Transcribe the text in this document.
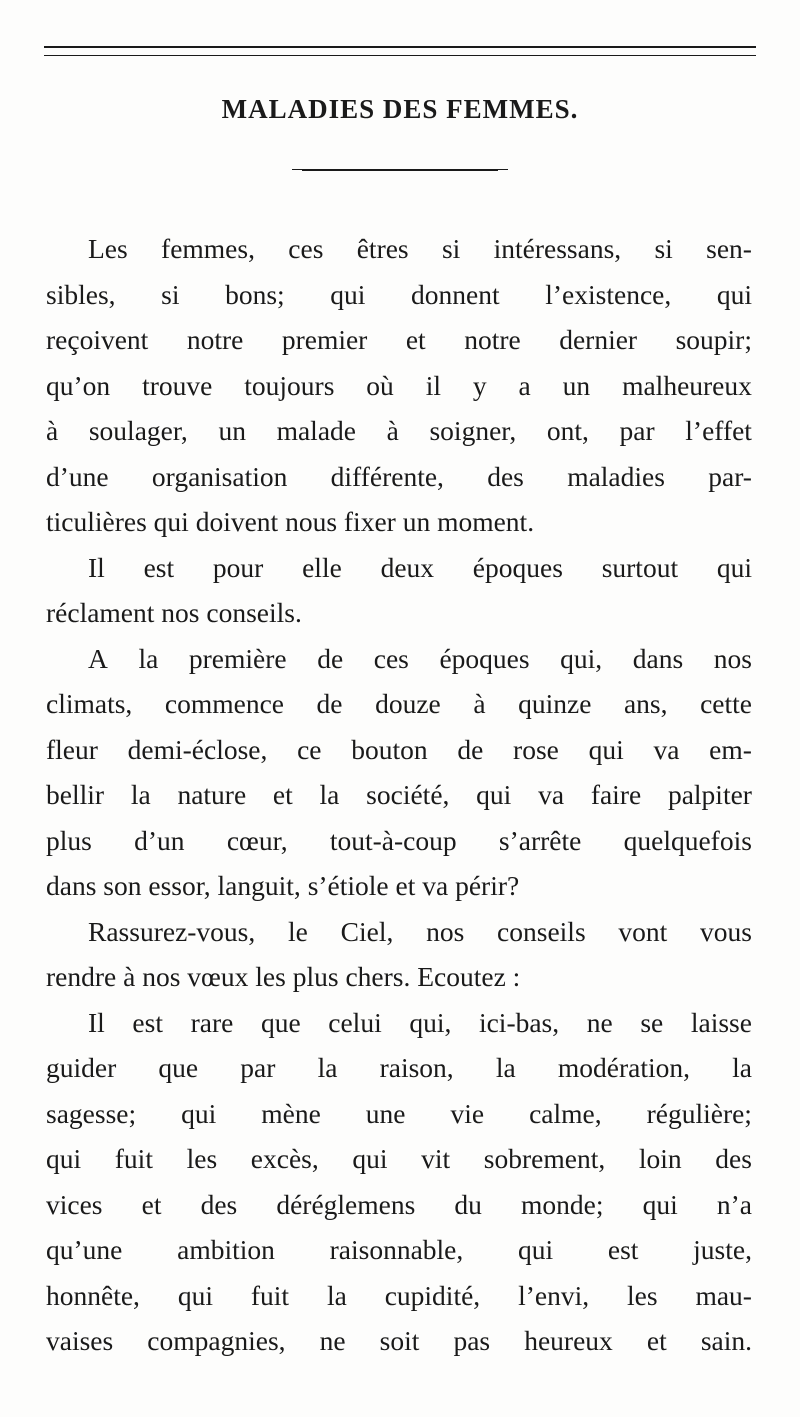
MALADIES DES FEMMES.
Les femmes, ces êtres si intéressans, si sen-
sibles, si bons; qui donnent l’existence, qui
reçoivent notre premier et notre dernier soupir;
qu’on trouve toujours où il y a un malheureux
à soulager, un malade à soigner, ont, par l’effet
d’une organisation différente, des maladies par-
ticulières qui doivent nous fixer un moment.
Il est pour elle deux époques surtout qui
réclament nos conseils.
A la première de ces époques qui, dans nos
climats, commence de douze à quinze ans, cette
fleur demi-éclose, ce bouton de rose qui va em-
bellir la nature et la société, qui va faire palpiter
plus d’un cœur, tout-à-coup s’arrête quelquefois
dans son essor, languit, s’étiole et va périr?
Rassurez-vous, le Ciel, nos conseils vont vous
rendre à nos vœux les plus chers. Ecoutez :
Il est rare que celui qui, ici-bas, ne se laisse
guider que par la raison, la modération, la
sagesse; qui mène une vie calme, régulière;
qui fuit les excès, qui vit sobrement, loin des
vices et des déréglemens du monde; qui n’a
qu’une ambition raisonnable, qui est juste,
honnête, qui fuit la cupidité, l’envi, les mau-
vaises compagnies, ne soit pas heureux et sain.
